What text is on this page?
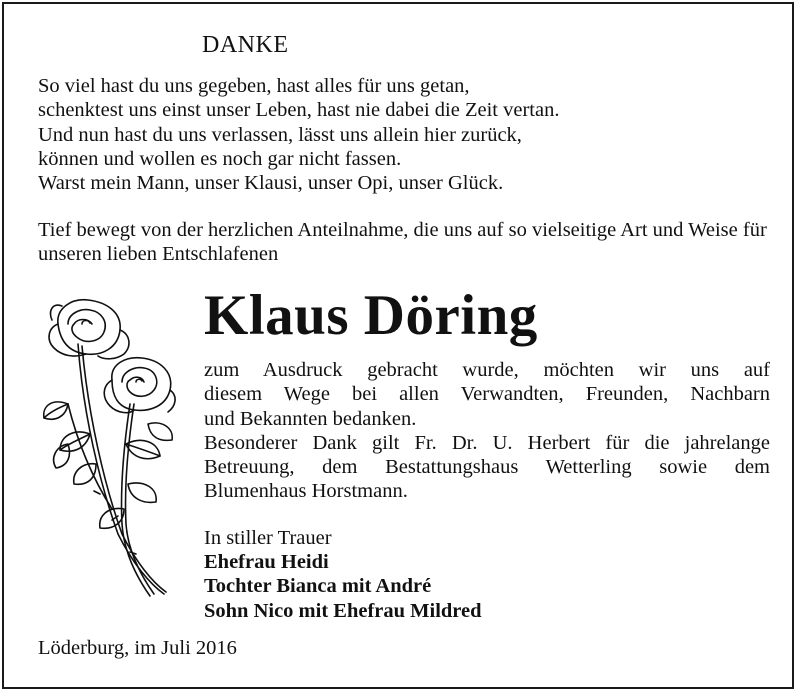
DANKE
So viel hast du uns gegeben, hast alles für uns getan,
schenktest uns einst unser Leben, hast nie dabei die Zeit vertan.
Und nun hast du uns verlassen, lässt uns allein hier zurück,
können und wollen es noch gar nicht fassen.
Warst mein Mann, unser Klausi, unser Opi, unser Glück.
Tief bewegt von der herzlichen Anteilnahme, die uns auf so vielseitige Art und Weise für unseren lieben Entschlafenen
Klaus Döring
zum Ausdruck gebracht wurde, möchten wir uns auf
diesem Wege bei allen Verwandten, Freunden, Nachbarn
und Bekannten bedanken.
Besonderer Dank gilt Fr. Dr. U. Herbert für die jahrelange
Betreuung, dem Bestattungshaus Wetterling sowie dem
Blumenhaus Horstmann.
In stiller Trauer
Ehefrau Heidi
Tochter Bianca mit André
Sohn Nico mit Ehefrau Mildred
Löderburg, im Juli 2016
